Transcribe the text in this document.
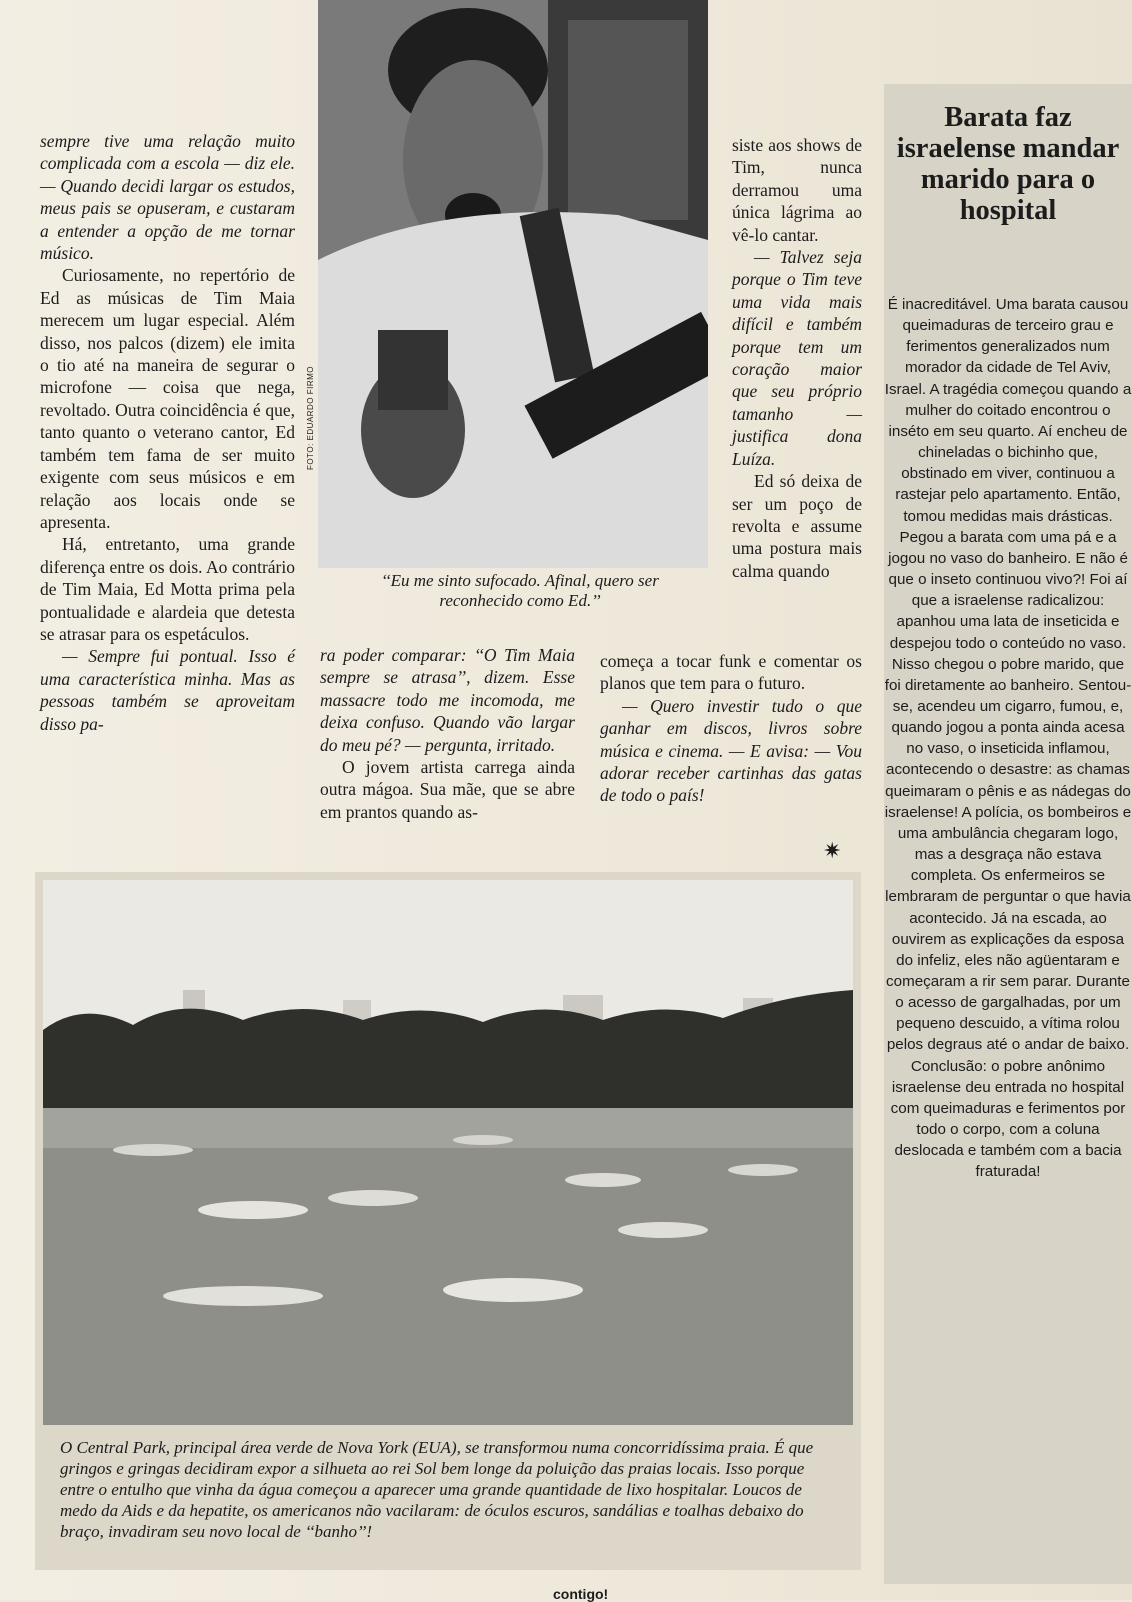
sempre tive uma relação muito complicada com a escola — diz ele. — Quando decidi largar os estudos, meus pais se opuseram, e custaram a entender a opção de me tornar músico.

Curiosamente, no repertório de Ed as músicas de Tim Maia merecem um lugar especial. Além disso, nos palcos (dizem) ele imita o tio até na maneira de segurar o microfone — coisa que nega, revoltado. Outra coincidência é que, tanto quanto o veterano cantor, Ed também tem fama de ser muito exigente com seus músicos e em relação aos locais onde se apresenta.

Há, entretanto, uma grande diferença entre os dois. Ao contrário de Tim Maia, Ed Motta prima pela pontualidade e alardeia que detesta se atrasar para os espetáculos.

— Sempre fui pontual. Isso é uma característica minha. Mas as pessoas também se aproveitam disso pa-

FOTO: EDUARDO FIRMO
‘‘Eu me sinto sufocado. Afinal, quero ser reconhecido como Ed.’’

siste aos shows de Tim, nunca derramou uma única lágrima ao vê-lo cantar.

— Talvez seja porque o Tim teve uma vida mais difícil e também porque tem um coração maior que seu próprio tamanho — justifica dona Luíza.

Ed só deixa de ser um poço de revolta e assume uma postura mais calma quando

ra poder comparar: ‘‘O Tim Maia sempre se atrasa’’, dizem. Esse massacre todo me incomoda, me deixa confuso. Quando vão largar do meu pé? — pergunta, irritado.

O jovem artista carrega ainda outra mágoa. Sua mãe, que se abre em prantos quando as-

começa a tocar funk e comentar os planos que tem para o futuro.

— Quero investir tudo o que ganhar em discos, livros sobre música e cinema. — E avisa: — Vou adorar receber cartinhas das gatas de todo o país!

✷
O Central Park, principal área verde de Nova York (EUA), se transformou numa concorridíssima praia. É que gringos e gringas decidiram expor a silhueta ao rei Sol bem longe da poluição das praias locais. Isso porque entre o entulho que vinha da água começou a aparecer uma grande quantidade de lixo hospitalar. Loucos de medo da Aids e da hepatite, os americanos não vacilaram: de óculos escuros, sandálias e toalhas debaixo do braço, invadiram seu novo local de ‘‘banho’’!
Barata faz israelense mandar marido para o hospital
É inacreditável. Uma barata causou queimaduras de terceiro grau e ferimentos generalizados num morador da cidade de Tel Aviv, Israel. A tragédia começou quando a mulher do coitado encontrou o inséto em seu quarto. Aí encheu de chineladas o bichinho que, obstinado em viver, continuou a rastejar pelo apartamento. Então, tomou medidas mais drásticas. Pegou a barata com uma pá e a jogou no vaso do banheiro. E não é que o inseto continuou vivo?! Foi aí que a israelense radicalizou: apanhou uma lata de inseticida e despejou todo o conteúdo no vaso. Nisso chegou o pobre marido, que foi diretamente ao banheiro. Sentou-se, acendeu um cigarro, fumou, e, quando jogou a ponta ainda acesa no vaso, o inseticida inflamou, acontecendo o desastre: as chamas queimaram o pênis e as nádegas do israelense! A polícia, os bombeiros e uma ambulância chegaram logo, mas a desgraça não estava completa. Os enfermeiros se lembraram de perguntar o que havia acontecido. Já na escada, ao ouvirem as explicações da esposa do infeliz, eles não agüentaram e começaram a rir sem parar. Durante o acesso de gargalhadas, por um pequeno descuido, a vítima rolou pelos degraus até o andar de baixo. Conclusão: o pobre anônimo israelense deu entrada no hospital com queimaduras e ferimentos por todo o corpo, com a coluna deslocada e também com a bacia fraturada!
contigo!
